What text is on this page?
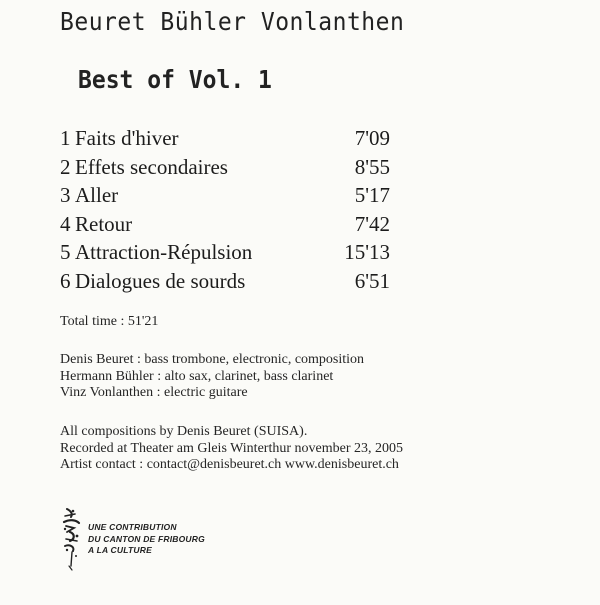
Beuret Bühler Vonlanthen
Best of Vol. 1
1 Faits d'hiver	7'09
2 Effets secondaires	8'55
3 Aller	5'17
4 Retour	7'42
5 Attraction-Répulsion	15'13
6 Dialogues de sourds	6'51
Total time : 51'21
Denis Beuret : bass trombone, electronic, composition
Hermann Bühler : alto sax, clarinet, bass clarinet
Vinz Vonlanthen : electric guitare
All compositions by Denis Beuret (SUISA).
Recorded at Theater am Gleis Winterthur november 23, 2005
Artist contact : contact@denisbeuret.ch www.denisbeuret.ch
UNE CONTRIBUTION
DU CANTON DE FRIBOURG
A LA CULTURE
